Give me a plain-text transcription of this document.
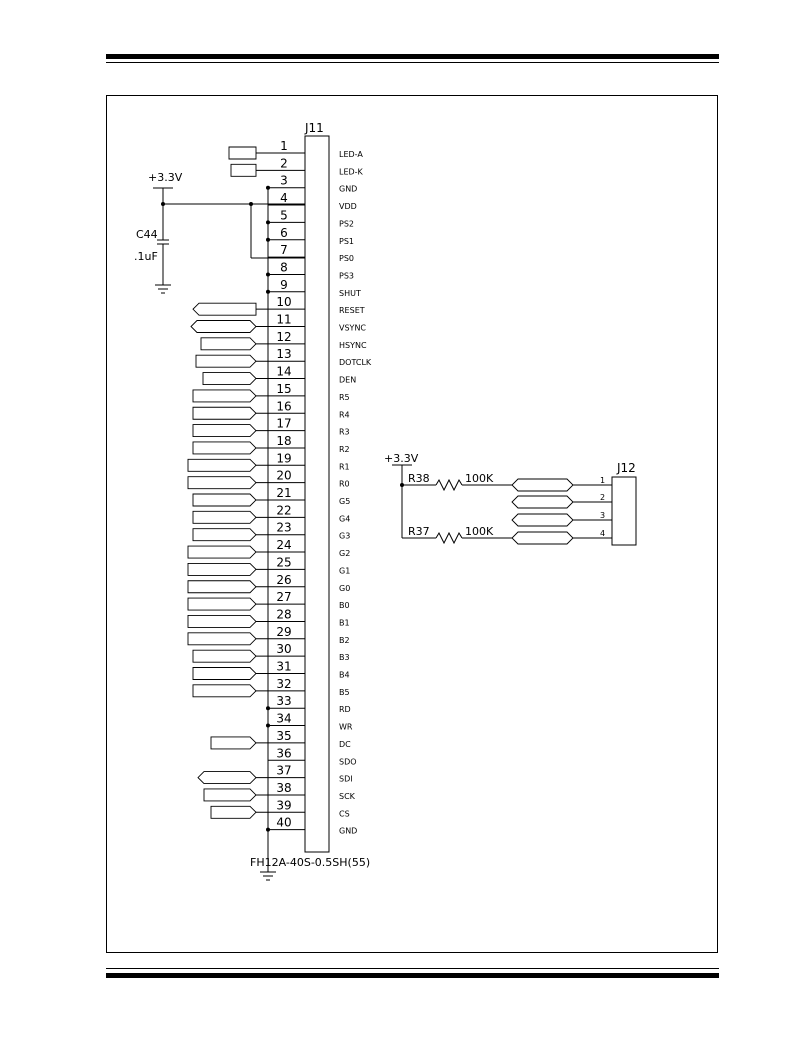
J11
FH12A-40S-0.5SH(55)
1
LED-A
2
LED-K
3
GND
4
VDD
5
PS2
6
PS1
7
PS0
8
PS3
9
SHUT
10
RESET
11
VSYNC
12
HSYNC
13
DOTCLK
14
DEN
15
R5
16
R4
17
R3
18
R2
19
R1
20
R0
21
G5
22
G4
23
G3
24
G2
25
G1
26
G0
27
B0
28
B1
29
B2
30
B3
31
B4
32
B5
33
RD
34
WR
35
DC
36
SDO
37
SDI
38
SCK
39
CS
40
GND
+3.3V
C44
.1uF
+3.3V
R38	100K
R37	100K
J12
1
2
3
4
